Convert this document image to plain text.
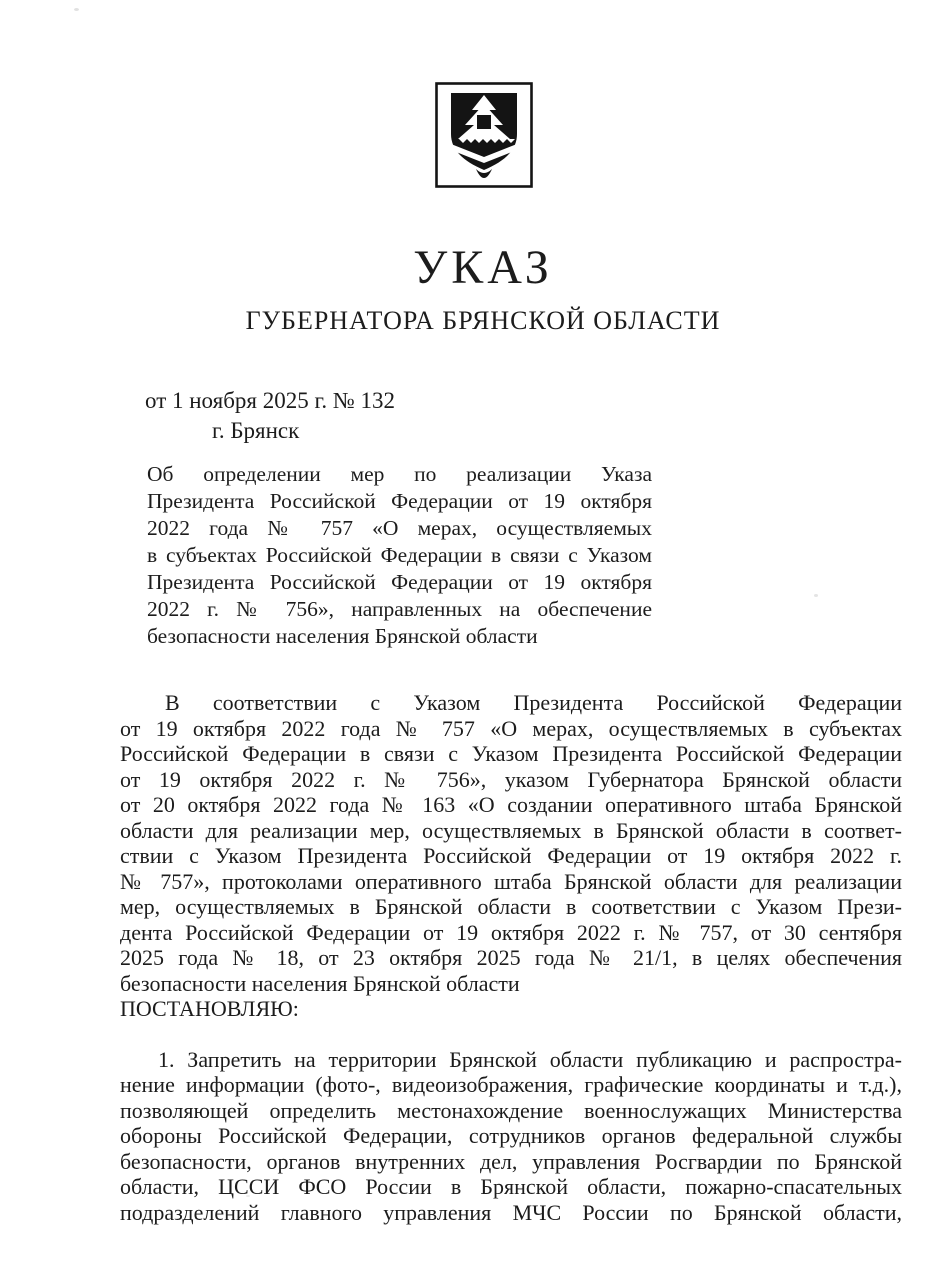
УКАЗ
ГУБЕРНАТОРА БРЯНСКОЙ ОБЛАСТИ
от 1 ноября 2025 г. № 132
г. Брянск
Об определении мер по реализации Указа
Президента Российской Федерации от 19 октября
2022 года № 757 «О мерах, осуществляемых
в субъектах Российской Федерации в связи с Указом
Президента Российской Федерации от 19 октября
2022 г. № 756», направленных на обеспечение
безопасности населения Брянской области
В соответствии с Указом Президента Российской Федерации
от 19 октября 2022 года № 757 «О мерах, осуществляемых в субъектах
Российской Федерации в связи с Указом Президента Российской Федерации
от 19 октября 2022 г. № 756», указом Губернатора Брянской области
от 20 октября 2022 года № 163 «О создании оперативного штаба Брянской
области для реализации мер, осуществляемых в Брянской области в соответ-
ствии с Указом Президента Российской Федерации от 19 октября 2022 г.
№ 757», протоколами оперативного штаба Брянской области для реализации
мер, осуществляемых в Брянской области в соответствии с Указом Прези-
дента Российской Федерации от 19 октября 2022 г. № 757, от 30 сентября
2025 года № 18, от 23 октября 2025 года № 21/1, в целях обеспечения
безопасности населения Брянской области
ПОСТАНОВЛЯЮ:
1. Запретить на территории Брянской области публикацию и распростра-
нение информации (фото-, видеоизображения, графические координаты и т.д.),
позволяющей определить местонахождение военнослужащих Министерства
обороны Российской Федерации, сотрудников органов федеральной службы
безопасности, органов внутренних дел, управления Росгвардии по Брянской
области, ЦССИ ФСО России в Брянской области, пожарно-спасательных
подразделений главного управления МЧС России по Брянской области,
